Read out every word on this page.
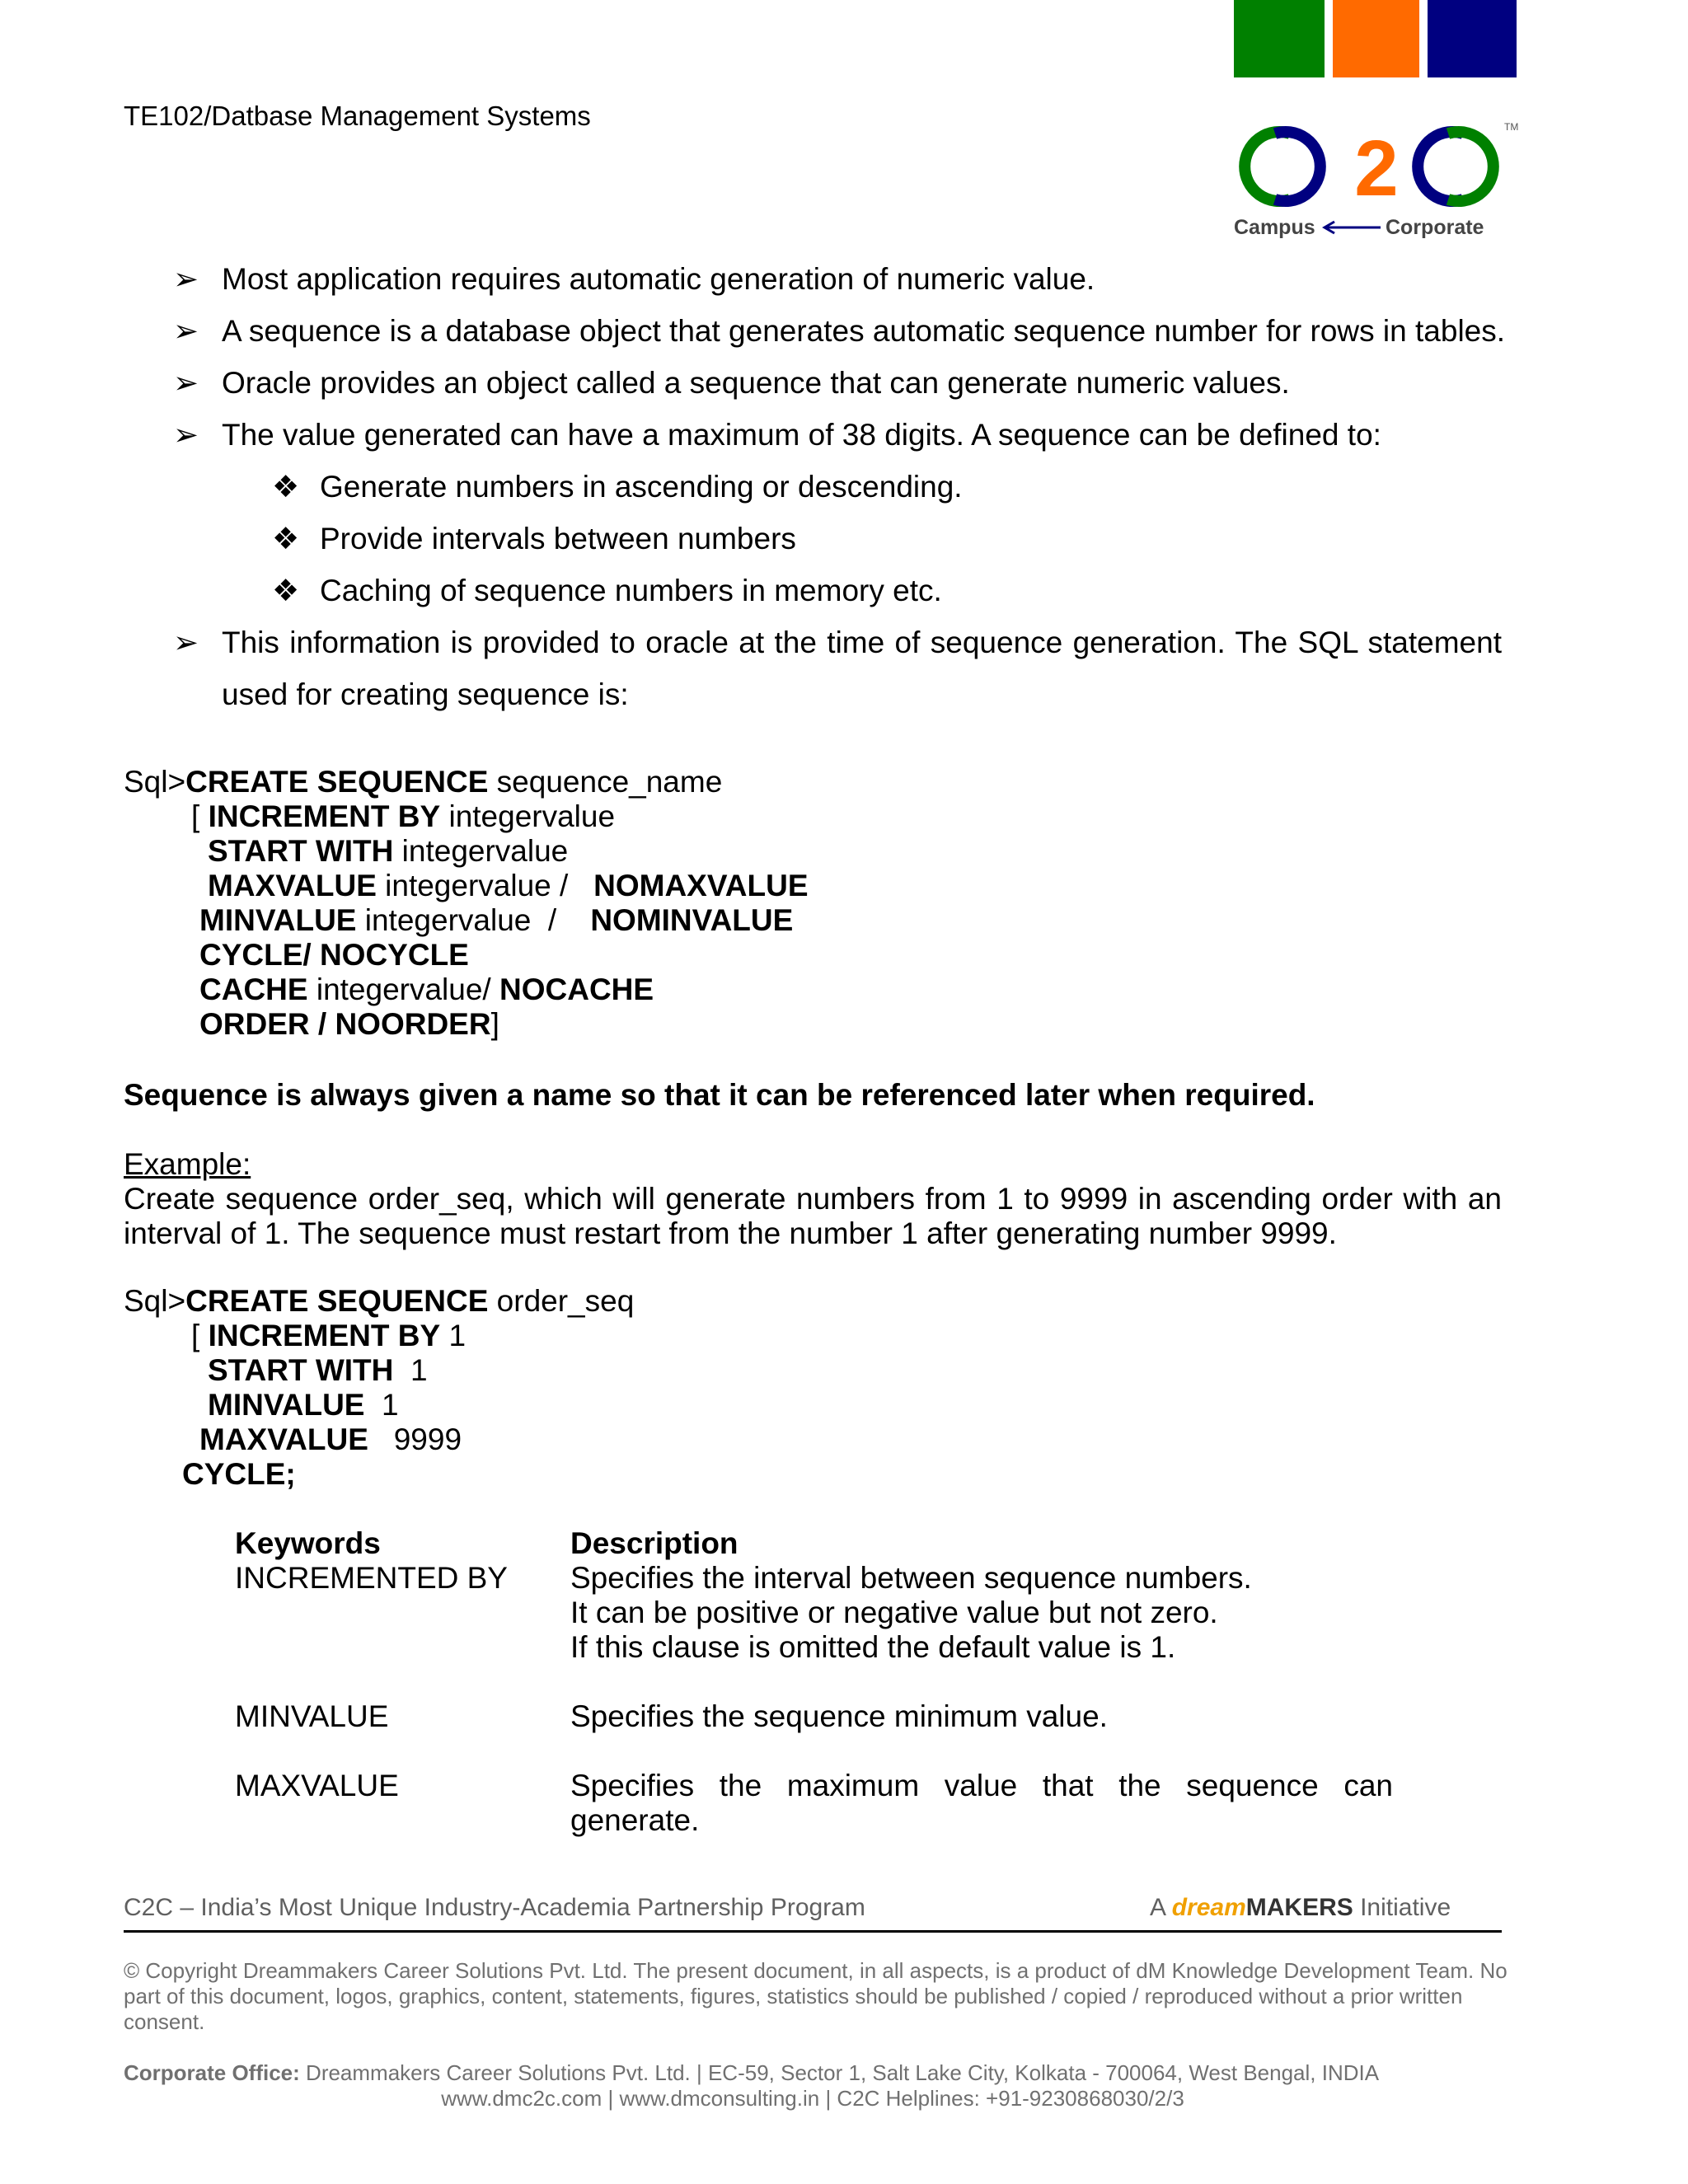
TE102/Datbase Management Systems	TM
2
Campus	Corporate
➢ Most application requires automatic generation of numeric value.
➢ A sequence is a database object that generates automatic sequence number for rows in tables.
➢ Oracle provides an object called a sequence that can generate numeric values.
➢ The value generated can have a maximum of 38 digits. A sequence can be defined to:
❖ Generate numbers in ascending or descending.
❖ Provide intervals between numbers
❖ Caching of sequence numbers in memory etc.
➢ This information is provided to oracle at the time of sequence generation. The SQL statement
used for creating sequence is:
Sql>CREATE SEQUENCE sequence_name
[ INCREMENT BY integervalue
START WITH integervalue
MAXVALUE integervalue /   NOMAXVALUE
MINVALUE integervalue  /    NOMINVALUE
CYCLE/ NOCYCLE
CACHE integervalue/ NOCACHE
ORDER / NOORDER]
Sequence is always given a name so that it can be referenced later when required.
Example:
Create sequence order_seq, which will generate numbers from 1 to 9999 in ascending order with an
interval of 1. The sequence must restart from the number 1 after generating number 9999.
Sql>CREATE SEQUENCE order_seq
[ INCREMENT BY 1
START WITH  1
MINVALUE  1
MAXVALUE   9999
CYCLE;
Keywords	Description
INCREMENTED BY Specifies the interval between sequence numbers.
It can be positive or negative value but not zero.
If this clause is omitted the default value is 1.
MINVALUE	Specifies the sequence minimum value.
MAXVALUE	Specifies the maximum value that the sequence can
generate.
C2C – India’s Most Unique Industry-Academia Partnership Program	A dreamMAKERS Initiative
© Copyright Dreammakers Career Solutions Pvt. Ltd. The present document, in all aspects, is a product of dM Knowledge Development Team. No part of this document, logos, graphics, content, statements, figures, statistics should be published / copied / reproduced without a prior written consent.
Corporate Office: Dreammakers Career Solutions Pvt. Ltd. | EC-59, Sector 1, Salt Lake City, Kolkata - 700064, West Bengal, INDIA
www.dmc2c.com | www.dmconsulting.in | C2C Helplines: +91-9230868030/2/3
